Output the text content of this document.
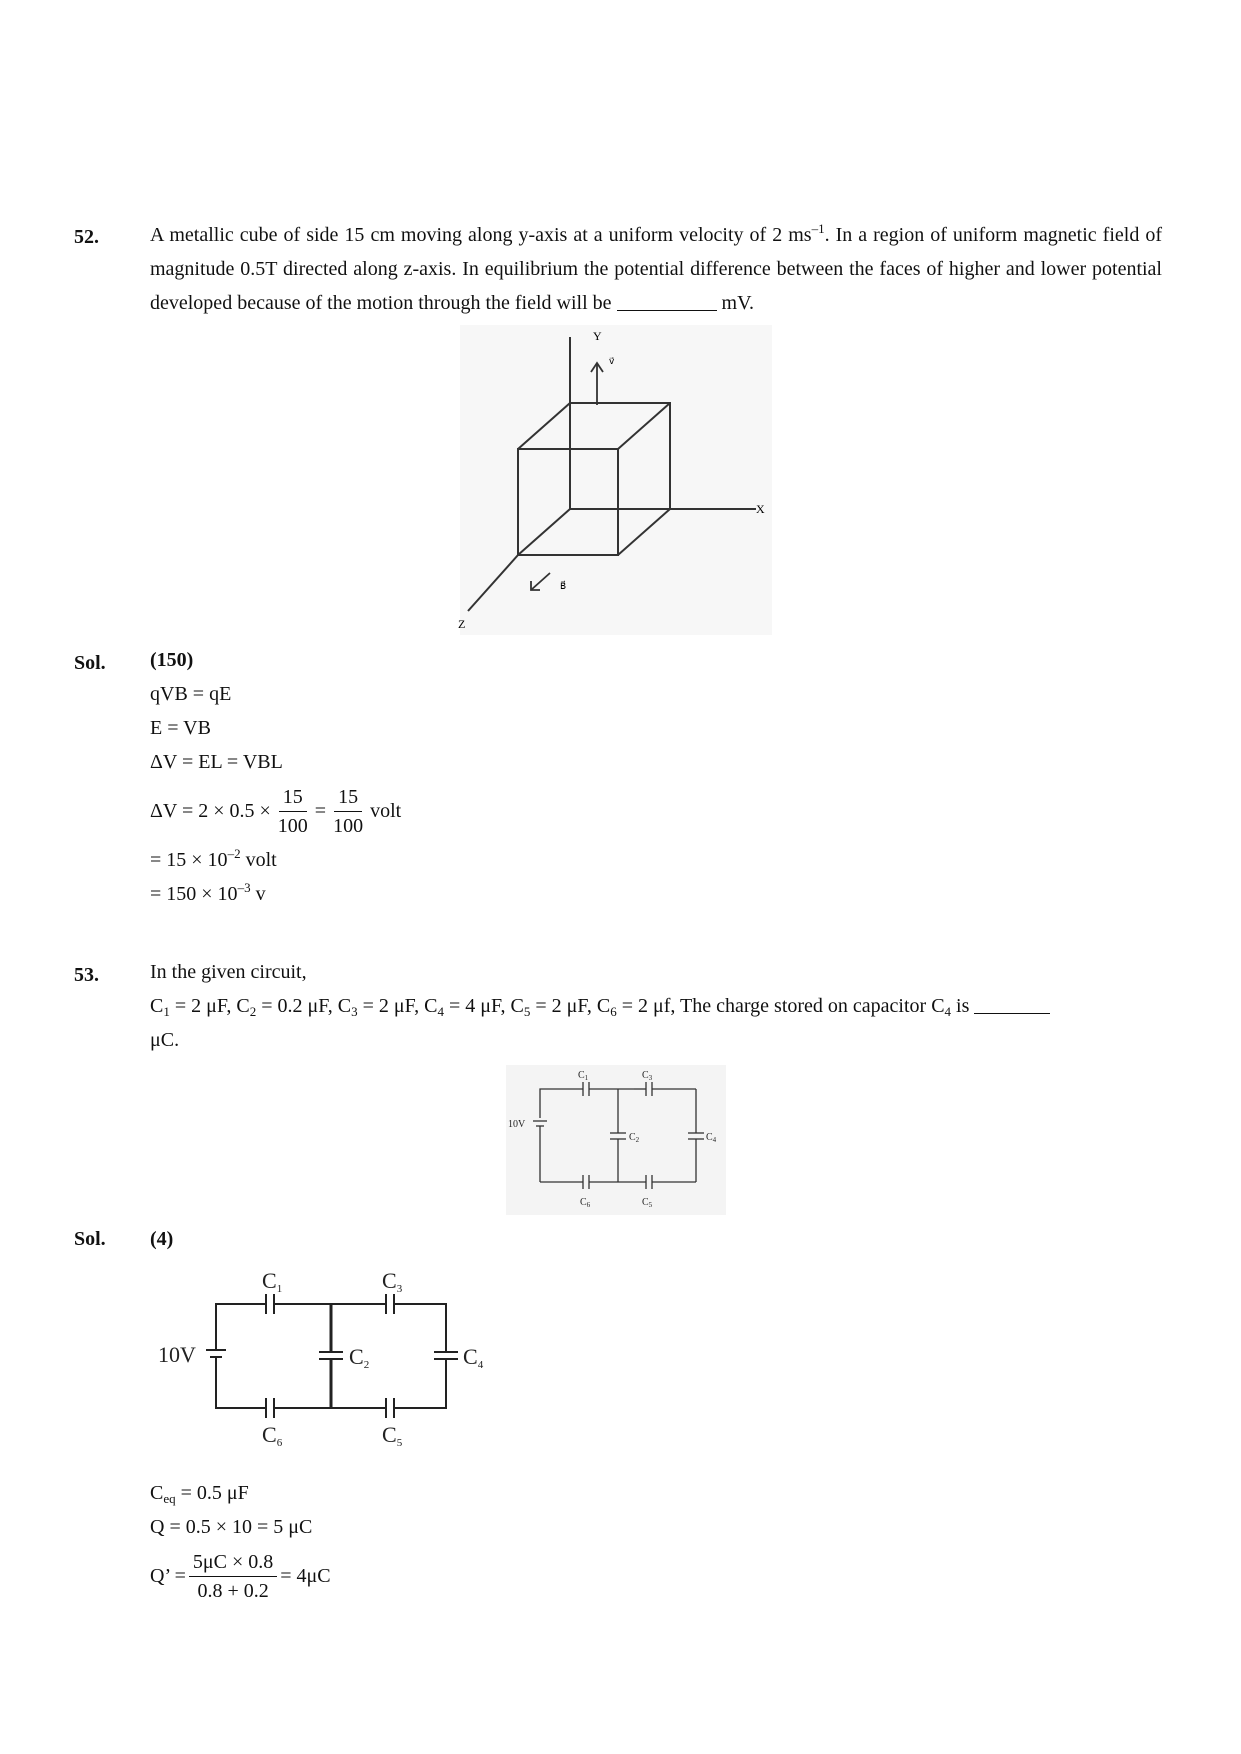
52.	A metallic cube of side 15 cm moving along y-axis at a uniform velocity of 2 $ms^{-1}$. In a region of uniform magnetic field of magnitude 0.5T directed along z-axis. In equilibrium the potential difference between the faces of higher and lower potential developed because of the motion through the field will be	mV.
Y
X
Z
v⃗
B⃗
Sol. (150)
qVB = qE
E = VB
ΔV = EL = VBL
$\Delta V = 2 \times 0.5 \times \frac{15}{100} = \frac{15}{100}$ volt
= $15 \times 10^{-2}$ volt
= $150 \times 10^{-3}$ v
53.	In the given circuit,
$C_1 = 2$ μF, $C_2 = 0.2$ μF, $C_3 = 2$ μF, $C_4 = 4$ μF, $C_5 = 2$ μF, $C_6 = 2$ μf, The charge stored on capacitor $C_4$ is
μC.
10V
$C_1$	$C_3$
$C_2$	$C_4$
$C_6$	$C_5$
Sol. (4)
10V
C1	C3
C2	C4
C6	C5
$C_{eq} = 0.5$ μF
Q = 0.5 × 10 = 5 μC
Q’ = $\frac{5\mu C \times 0.8}{0.8 + 0.2} = 4\mu C$
